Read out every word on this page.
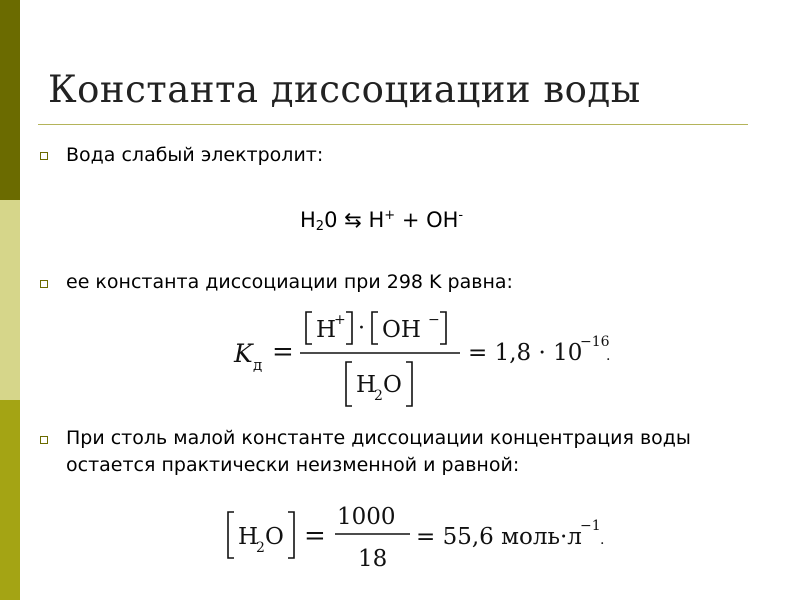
Константа диссоциации воды
Вода слабый электролит:
$H_20$ ⇆ H+ + OH-
ее константа диссоциации при 298 K равна:
K д =
H
+ · OH −
H
2 O
= 1,8 · 10
−16
.
При столь малой константе диссоциации концентрация воды
остается практически неизменной и равной:
H
2 O =
1000
18
= 55,6 моль·л
−1
.
